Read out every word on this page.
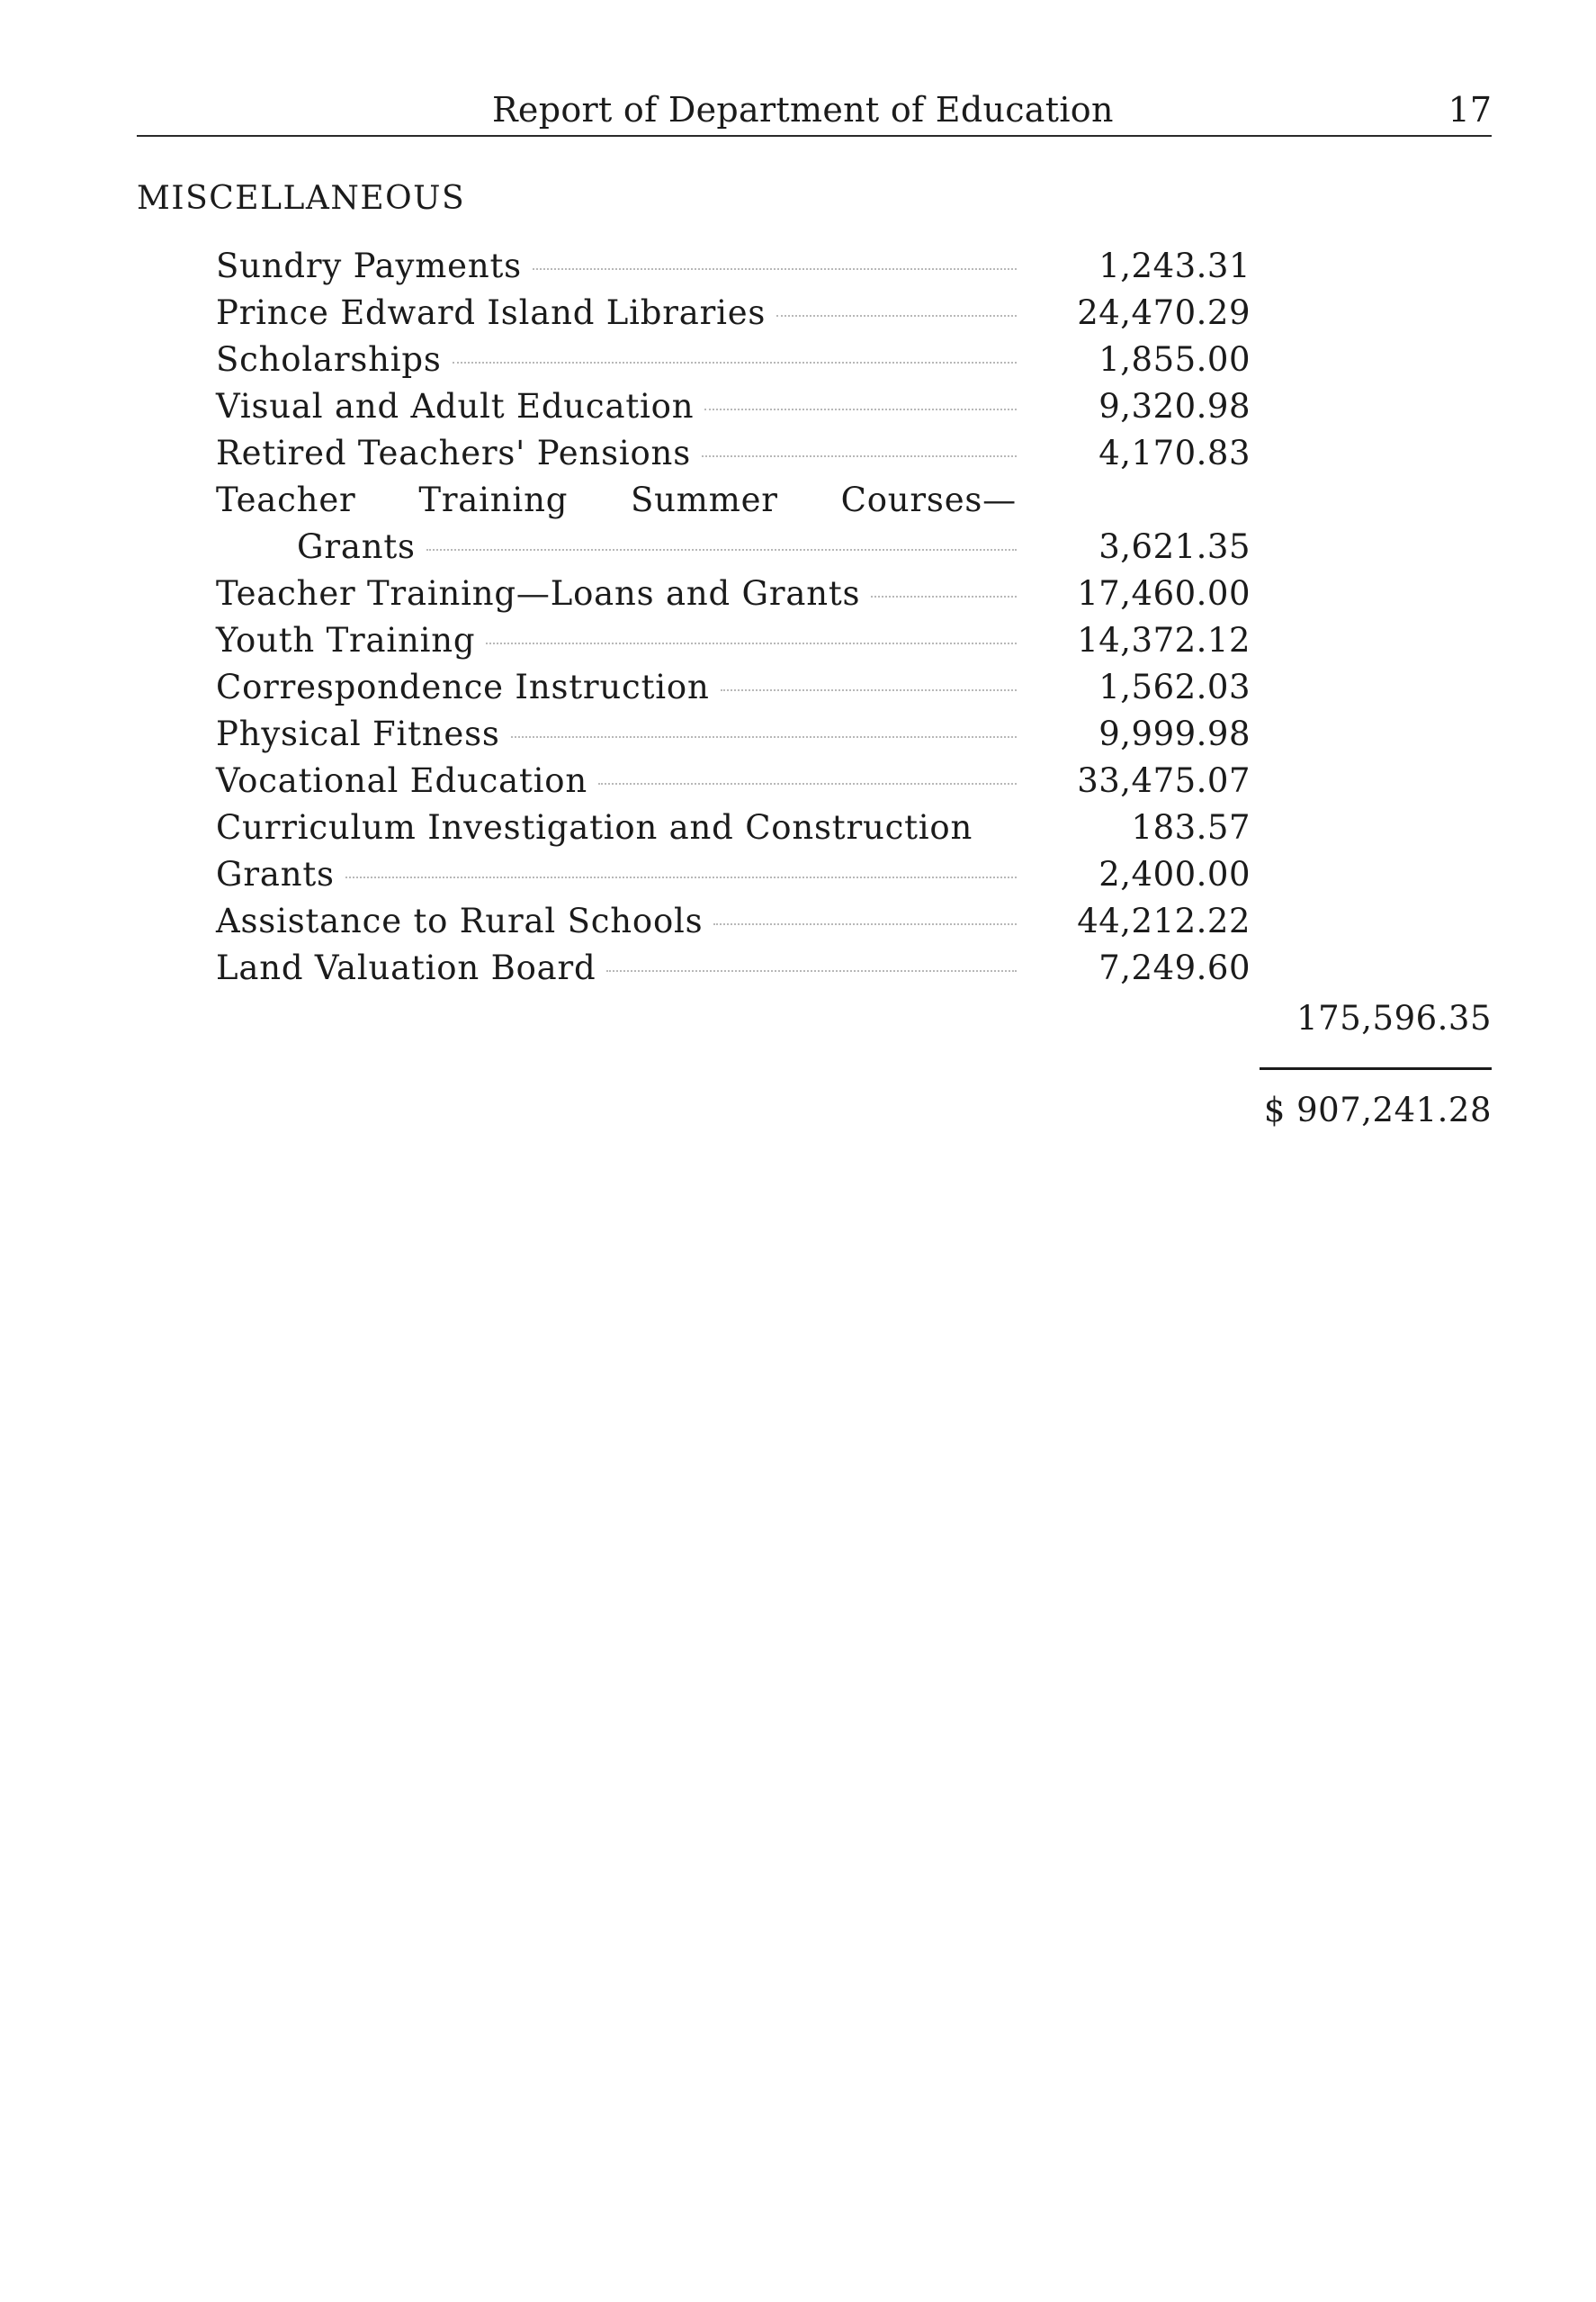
Report of Department of Education	17
MISCELLANEOUS
Sundry Payments	1,243.31
Prince Edward Island Libraries	24,470.29
Scholarships	1,855.00
Visual and Adult Education	9,320.98
Retired Teachers' Pensions	4,170.83
Teacher Training Summer Courses—
Grants	3,621.35
Teacher Training—Loans and Grants	17,460.00
Youth Training	14,372.12
Correspondence Instruction	1,562.03
Physical Fitness	9,999.98
Vocational Education	33,475.07
Curriculum Investigation and Construction	183.57
Grants	2,400.00
Assistance to Rural Schools	44,212.22
Land Valuation Board	7,249.60
175,596.35
$ 907,241.28
